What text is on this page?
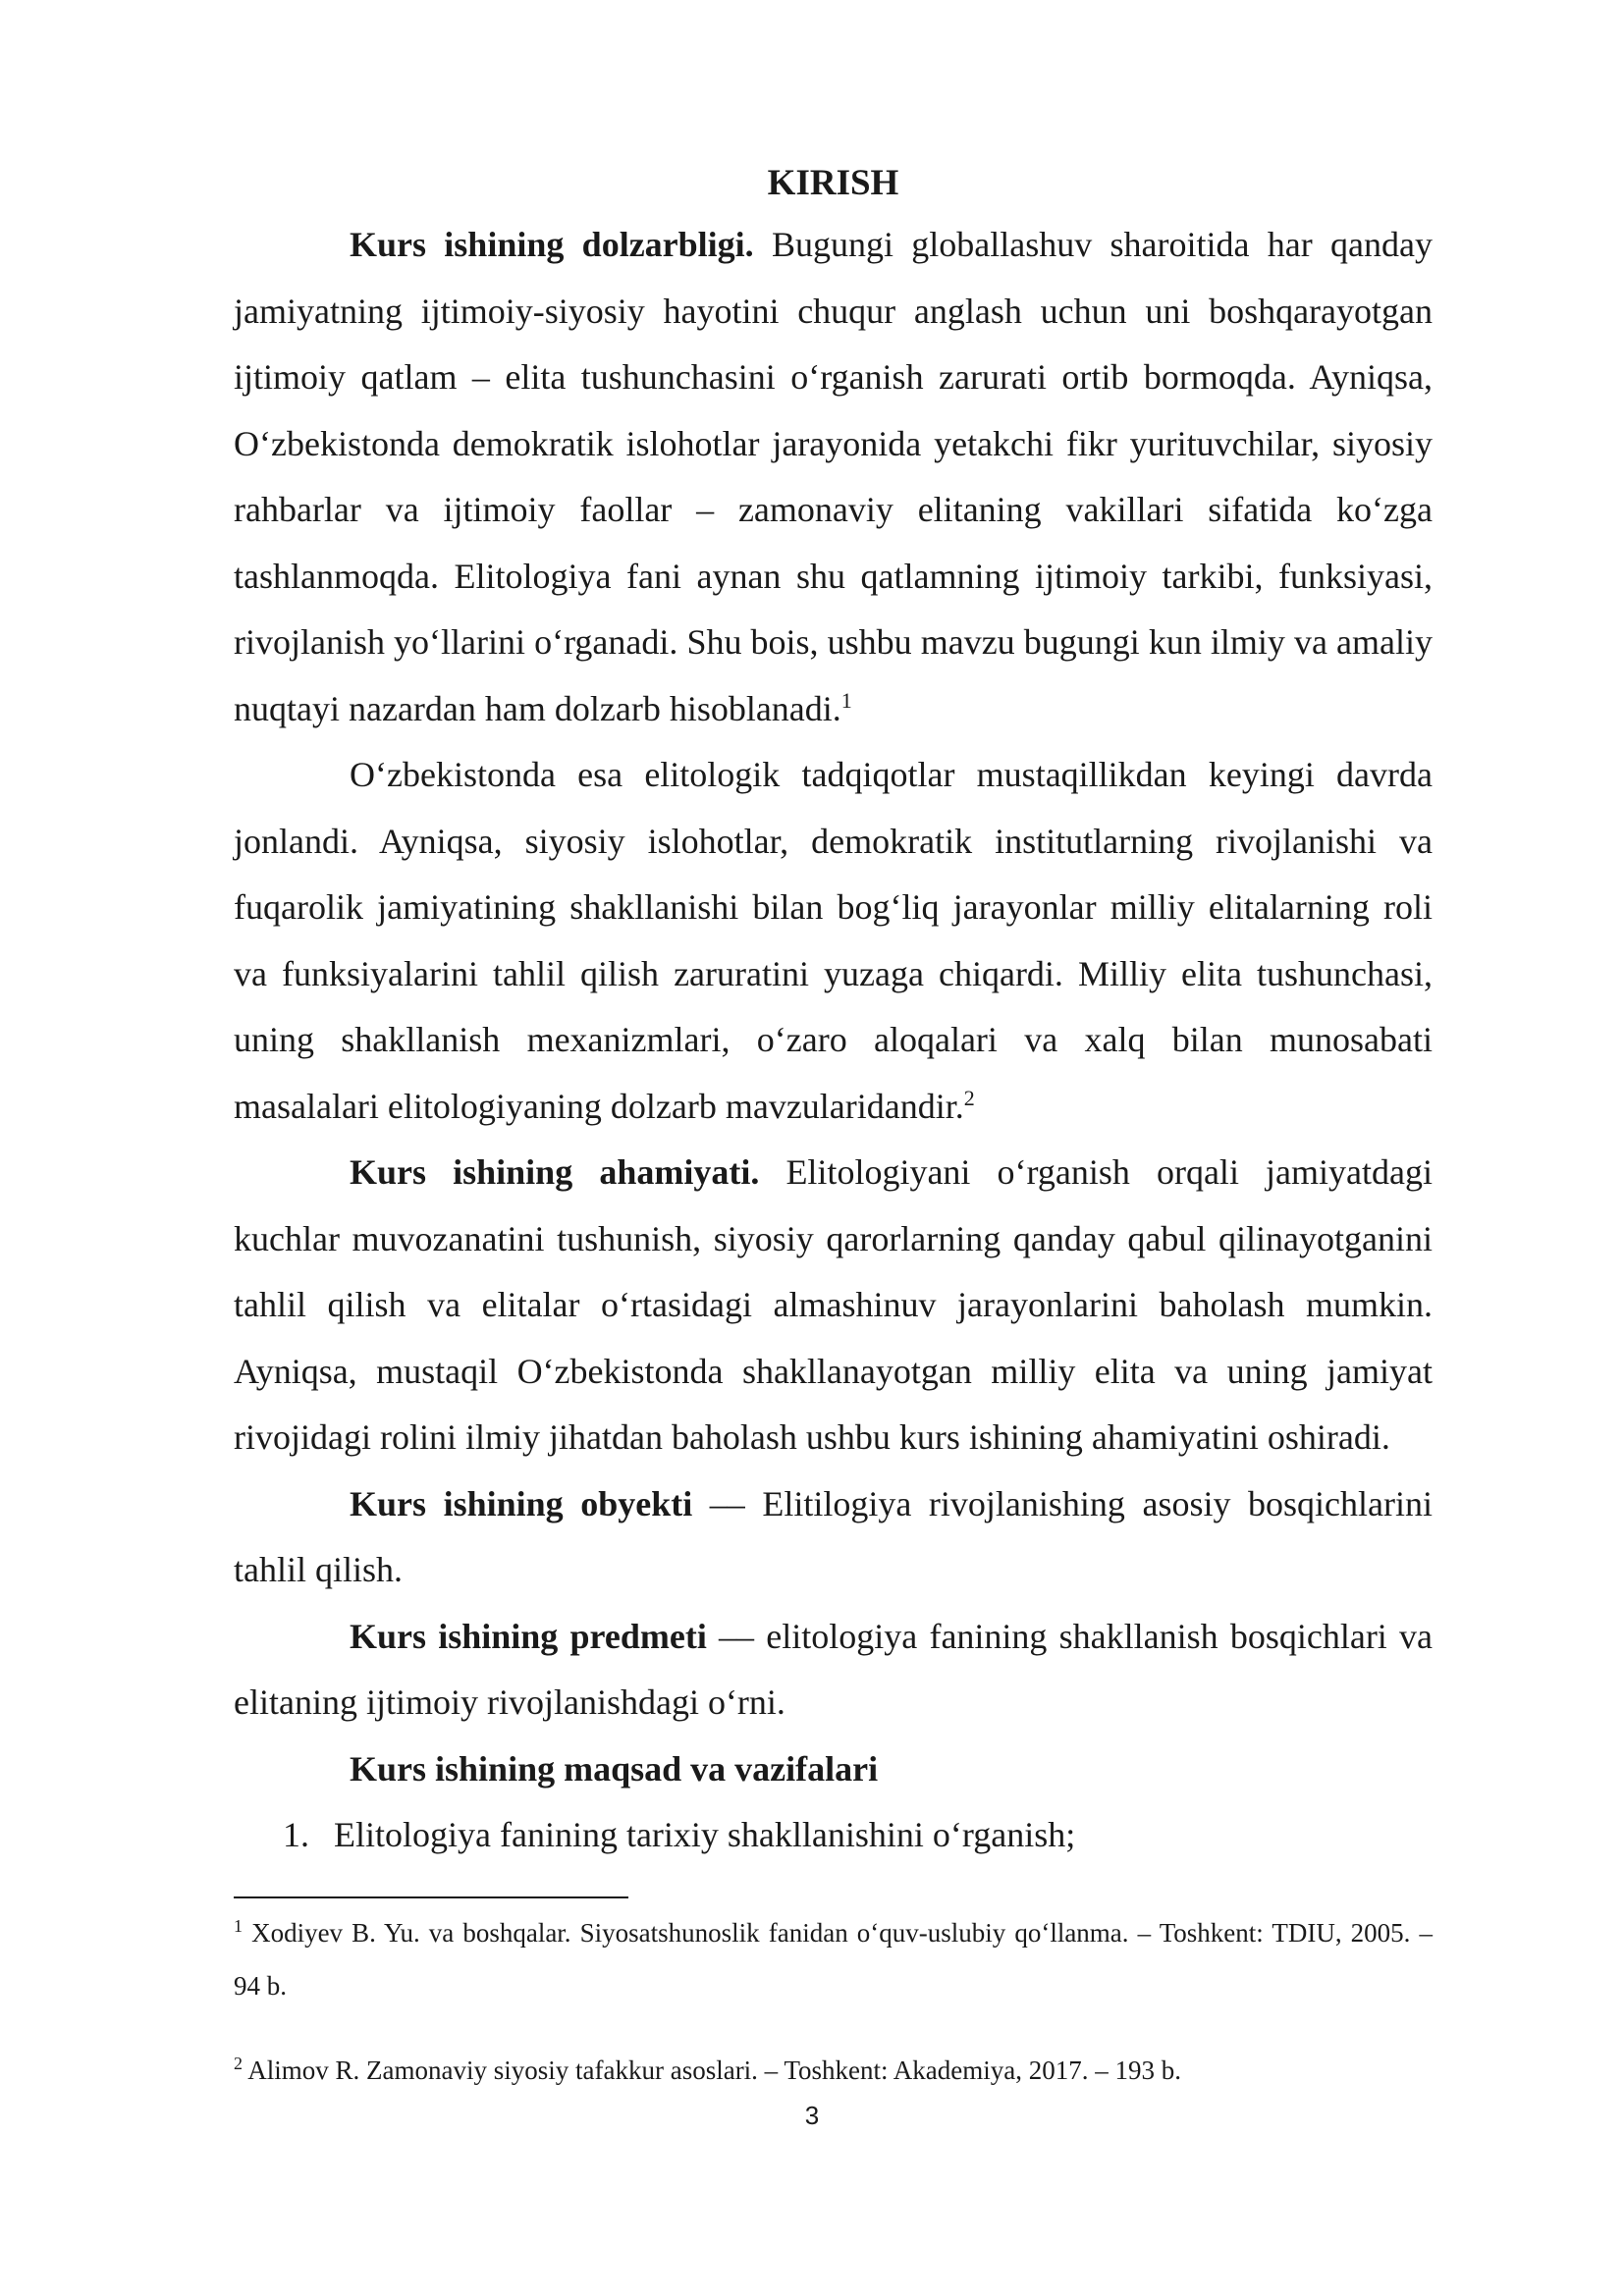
KIRISH

Kurs ishining dolzarbligi. Bugungi globallashuv sharoitida har qanday jamiyatning ijtimoiy-siyosiy hayotini chuqur anglash uchun uni boshqarayotgan ijtimoiy qatlam – elita tushunchasini o‘rganish zarurati ortib bormoqda. Ayniqsa, O‘zbekistonda demokratik islohotlar jarayonida yetakchi fikr yurituvchilar, siyosiy rahbarlar va ijtimoiy faollar – zamonaviy elitaning vakillari sifatida ko‘zga tashlanmoqda. Elitologiya fani aynan shu qatlamning ijtimoiy tarkibi, funksiyasi, rivojlanish yo‘llarini o‘rganadi. Shu bois, ushbu mavzu bugungi kun ilmiy va amaliy nuqtayi nazardan ham dolzarb hisoblanadi.$^1$

O‘zbekistonda esa elitologik tadqiqotlar mustaqillikdan keyingi davrda jonlandi. Ayniqsa, siyosiy islohotlar, demokratik institutlarning rivojlanishi va fuqarolik jamiyatining shakllanishi bilan bog‘liq jarayonlar milliy elitalarning roli va funksiyalarini tahlil qilish zaruratini yuzaga chiqardi. Milliy elita tushunchasi, uning shakllanish mexanizmlari, o‘zaro aloqalari va xalq bilan munosabati masalalari elitologiyaning dolzarb mavzularidandir.$^2$

Kurs ishining ahamiyati. Elitologiyani o‘rganish orqali jamiyatdagi kuchlar muvozanatini tushunish, siyosiy qarorlarning qanday qabul qilinayotganini tahlil qilish va elitalar o‘rtasidagi almashinuv jarayonlarini baholash mumkin. Ayniqsa, mustaqil O‘zbekistonda shakllanayotgan milliy elita va uning jamiyat rivojidagi rolini ilmiy jihatdan baholash ushbu kurs ishining ahamiyatini oshiradi.

Kurs ishining obyekti –– Elitilogiya rivojlanishing asosiy bosqichlarini tahlil qilish.

Kurs ishining predmeti –– elitologiya fanining shakllanish bosqichlari va elitaning ijtimoiy rivojlanishdagi o‘rni.

Kurs ishining maqsad va vazifalari

1. Elitologiya fanining tarixiy shakllanishini o‘rganish;

$^1$ Xodiyev B. Yu. va boshqalar. Siyosatshunoslik fanidan o‘quv-uslubiy qo‘llanma. – Toshkent: TDIU, 2005. – 94 b.

$^2$ Alimov R. Zamonaviy siyosiy tafakkur asoslari. – Toshkent: Akademiya, 2017. – 193 b.

3
